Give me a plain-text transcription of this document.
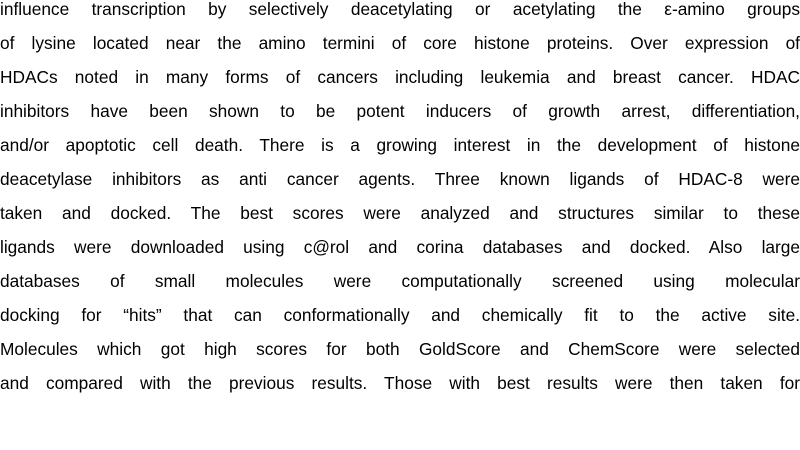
influence transcription by selectively deacetylating or acetylating the ε-amino groups
of lysine located near the amino termini of core histone proteins. Over expression of
HDACs noted in many forms of cancers including leukemia and breast cancer. HDAC
inhibitors have been shown to be potent inducers of growth arrest, differentiation,
and/or apoptotic cell death. There is a growing interest in the development of histone
deacetylase inhibitors as anti cancer agents. Three known ligands of HDAC-8 were
taken and docked. The best scores were analyzed and structures similar to these
ligands were downloaded using c@rol and corina databases and docked. Also large
databases of small molecules were computationally screened using molecular
docking for “hits” that can conformationally and chemically fit to the active site.
Molecules which got high scores for both GoldScore and ChemScore were selected
and compared with the previous results. Those with best results were then taken for
